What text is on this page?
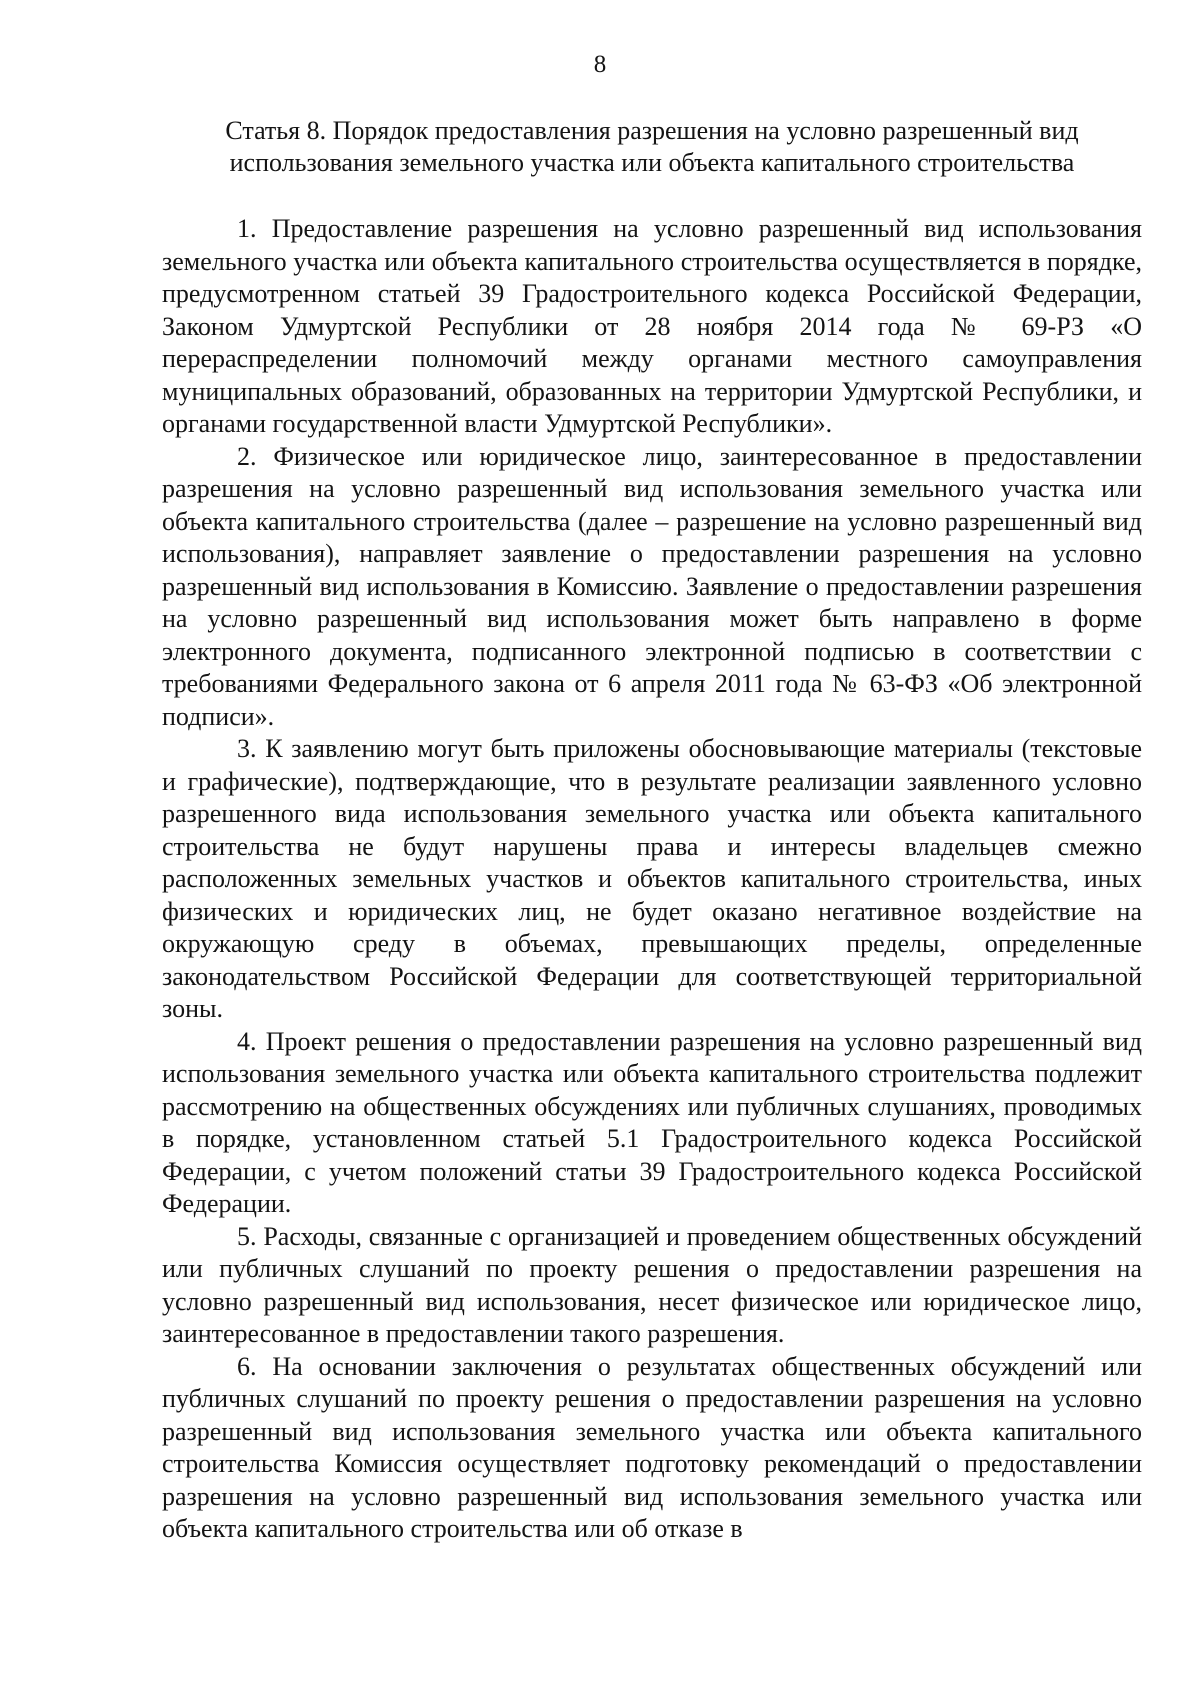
8
Статья 8. Порядок предоставления разрешения на условно разрешенный вид использования земельного участка или объекта капитального строительства

1. Предоставление разрешения на условно разрешенный вид использования земельного участка или объекта капитального строительства осуществляется в порядке, предусмотренном статьей 39 Градостроительного кодекса Российской Федерации, Законом Удмуртской Республики от 28 ноября 2014 года № 69-РЗ «О перераспределении полномочий между органами местного самоуправления муниципальных образований, образованных на территории Удмуртской Республики, и органами государственной власти Удмуртской Республики».

2. Физическое или юридическое лицо, заинтересованное в предоставлении разрешения на условно разрешенный вид использования земельного участка или объекта капитального строительства (далее – разрешение на условно разрешенный вид использования), направляет заявление о предоставлении разрешения на условно разрешенный вид использования в Комиссию. Заявление о предоставлении разрешения на условно разрешенный вид использования может быть направлено в форме электронного документа, подписанного электронной подписью в соответствии с требованиями Федерального закона от 6 апреля 2011 года № 63-ФЗ «Об электронной подписи».

3. К заявлению могут быть приложены обосновывающие материалы (текстовые и графические), подтверждающие, что в результате реализации заявленного условно разрешенного вида использования земельного участка или объекта капитального строительства не будут нарушены права и интересы владельцев смежно расположенных земельных участков и объектов капитального строительства, иных физических и юридических лиц, не будет оказано негативное воздействие на окружающую среду в объемах, превышающих пределы, определенные законодательством Российской Федерации для соответствующей территориальной зоны.

4. Проект решения о предоставлении разрешения на условно разрешенный вид использования земельного участка или объекта капитального строительства подлежит рассмотрению на общественных обсуждениях или публичных слушаниях, проводимых в порядке, установленном статьей 5.1 Градостроительного кодекса Российской Федерации, с учетом положений статьи 39 Градостроительного кодекса Российской Федерации.

5. Расходы, связанные с организацией и проведением общественных обсуждений или публичных слушаний по проекту решения о предоставлении разрешения на условно разрешенный вид использования, несет физическое или юридическое лицо, заинтересованное в предоставлении такого разрешения.

6. На основании заключения о результатах общественных обсуждений или публичных слушаний по проекту решения о предоставлении разрешения на условно разрешенный вид использования земельного участка или объекта капитального строительства Комиссия осуществляет подготовку рекомендаций о предоставлении разрешения на условно разрешенный вид использования земельного участка или объекта капитального строительства или об отказе в
